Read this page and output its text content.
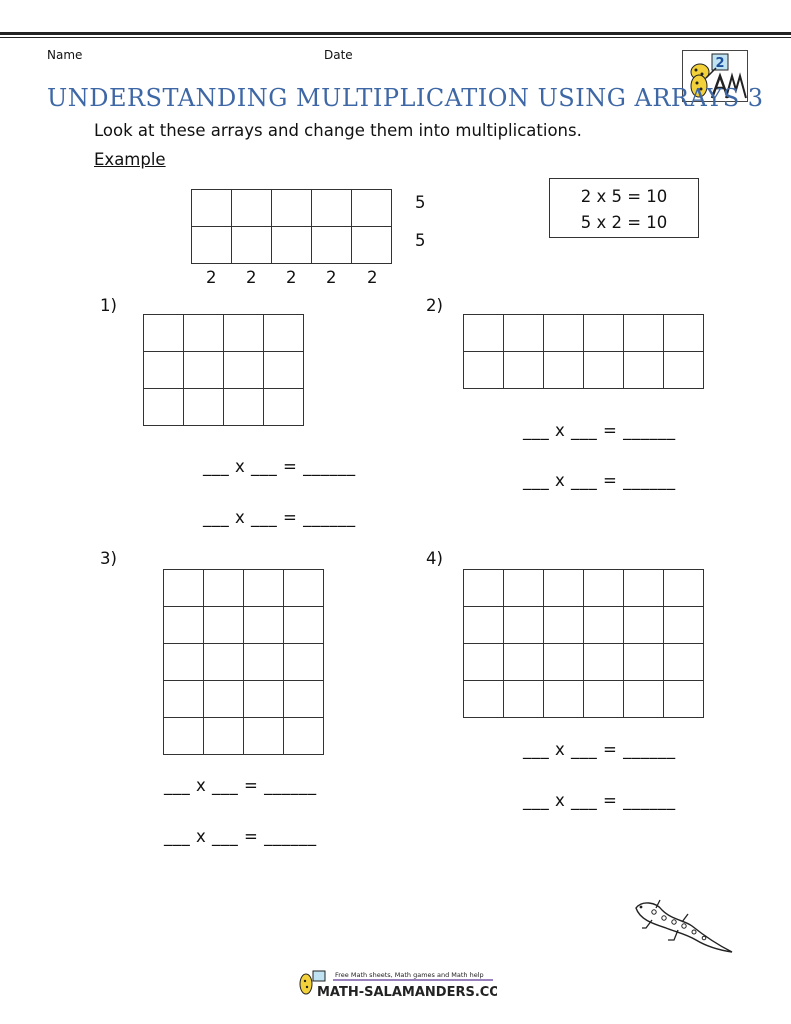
Name	Date
2
UNDERSTANDING MULTIPLICATION USING ARRAYS 3
Look at these arrays and change them into multiplications.
Example

5
5
2 2 2 2 2
2 x 5 = 10
5 x 2 = 10
1)

___ x ___ = ______
___ x ___ = ______
2)

___ x ___ = ______
___ x ___ = ______
3)

___ x ___ = ______
___ x ___ = ______
4)

___ x ___ = ______
___ x ___ = ______
Free Math sheets, Math games and Math help
MATH-SALAMANDERS.COM
